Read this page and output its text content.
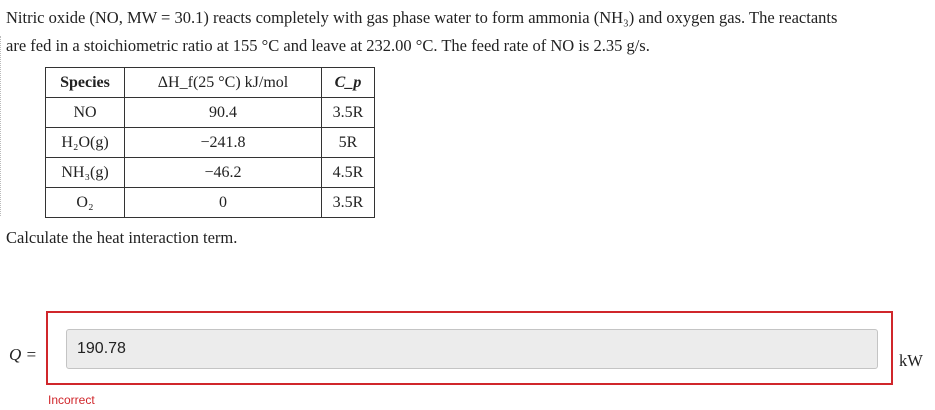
Nitric oxide (NO, MW = 30.1) reacts completely with gas phase water to form ammonia (NH₃) and oxygen gas. The reactants

are fed in a stoichiometric ratio at 155 °C and leave at 232.00 °C. The feed rate of NO is 2.35 g/s.

Species	ΔH_f(25 °C) kJ/mol	C_p
NO	90.4	3.5R
H₂O(g)	−241.8	5R
NH₃(g)	−46.2	4.5R
O₂	0	3.5R
Calculate the heat interaction term.
Q =	190.78
kW
Incorrect
